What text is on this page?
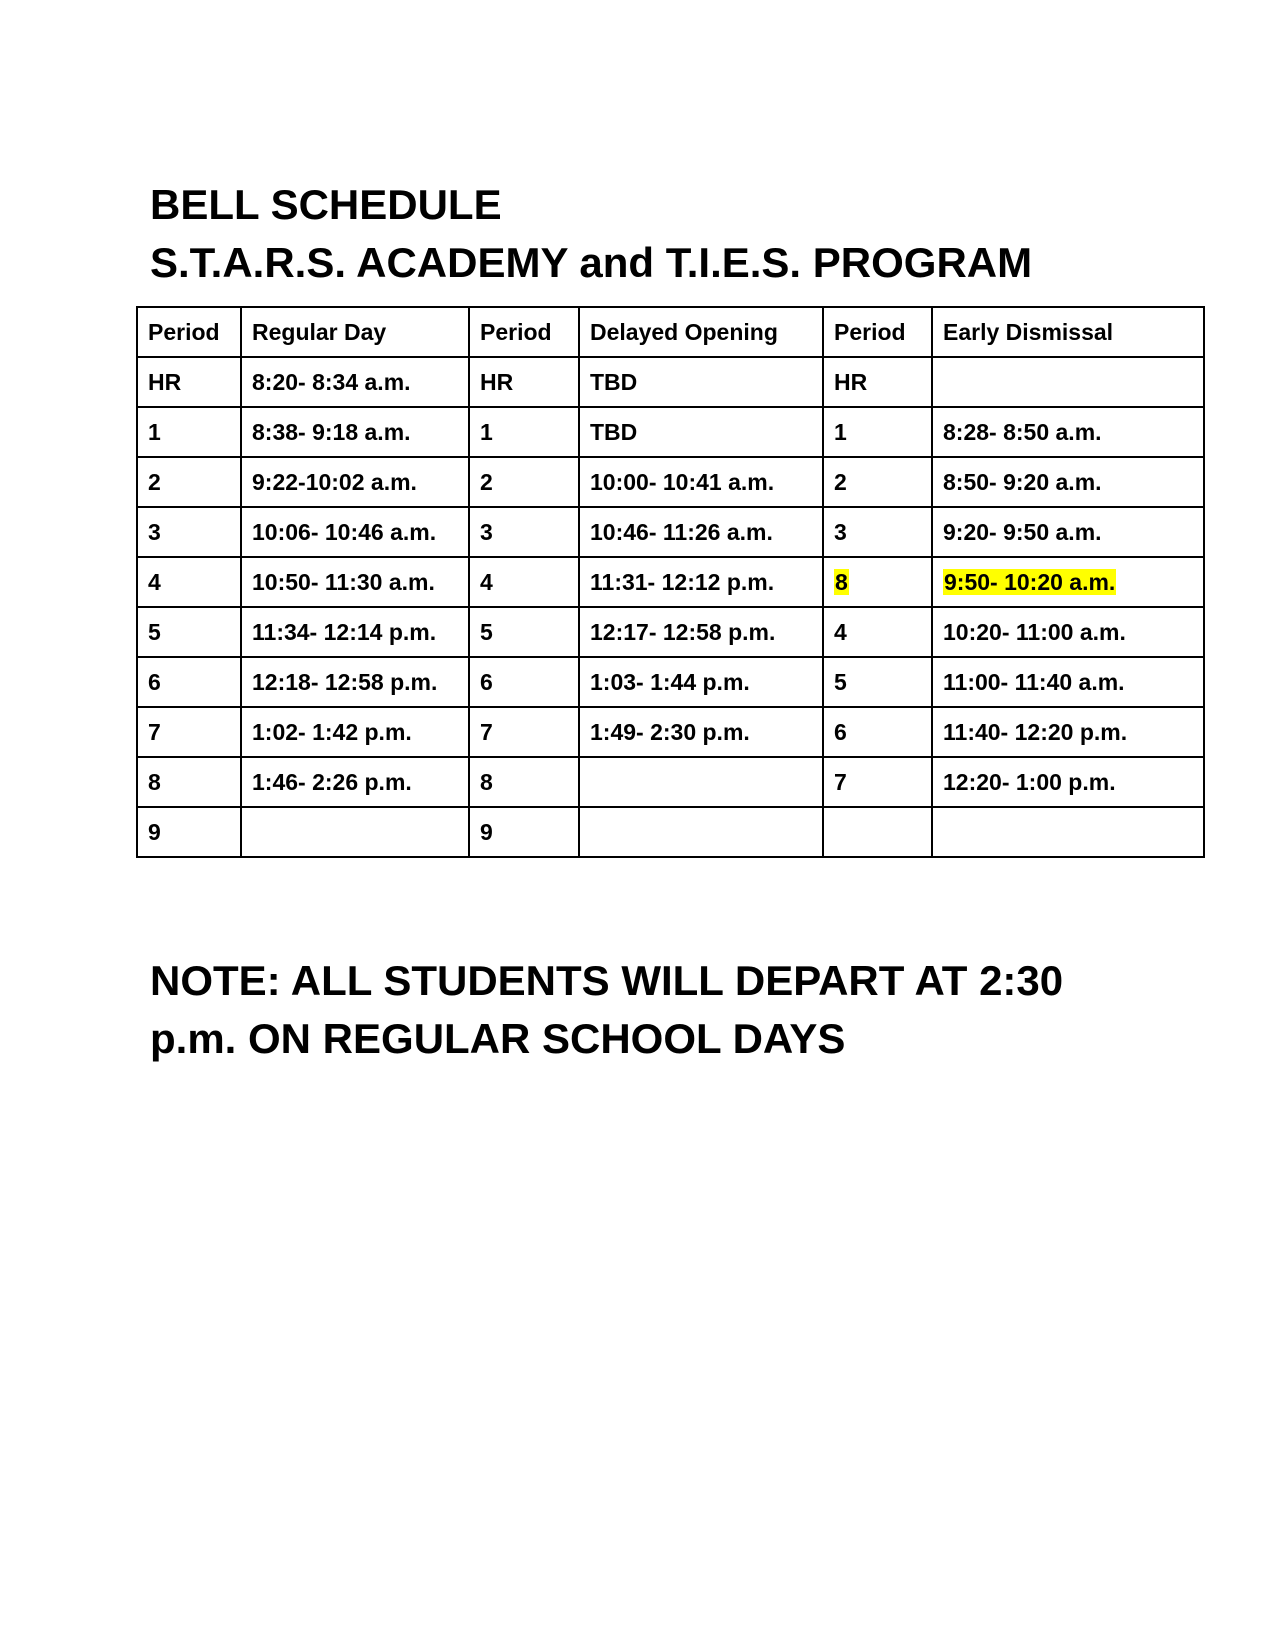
BELL SCHEDULE
S.T.A.R.S. ACADEMY and T.I.E.S. PROGRAM
Period	Regular Day	Period	Delayed Opening	Period	Early Dismissal
HR	8:20- 8:34 a.m.	HR	TBD	HR	
1	8:38- 9:18 a.m.	1	TBD	1	8:28- 8:50 a.m.
2	9:22-10:02 a.m.	2	10:00- 10:41 a.m.	2	8:50- 9:20 a.m.
3	10:06- 10:46 a.m.	3	10:46- 11:26 a.m.	3	9:20- 9:50 a.m.
4	10:50- 11:30 a.m.	4	11:31- 12:12 p.m.	8	9:50- 10:20 a.m.
5	11:34- 12:14 p.m.	5	12:17- 12:58 p.m.	4	10:20- 11:00 a.m.
6	12:18- 12:58 p.m.	6	1:03- 1:44 p.m.	5	11:00- 11:40 a.m.
7	1:02- 1:42 p.m.	7	1:49- 2:30 p.m.	6	11:40- 12:20 p.m.
8	1:46- 2:26 p.m.	8		7	12:20- 1:00 p.m.
9		9			

NOTE: ALL STUDENTS WILL DEPART AT 2:30 p.m. ON REGULAR SCHOOL DAYS
